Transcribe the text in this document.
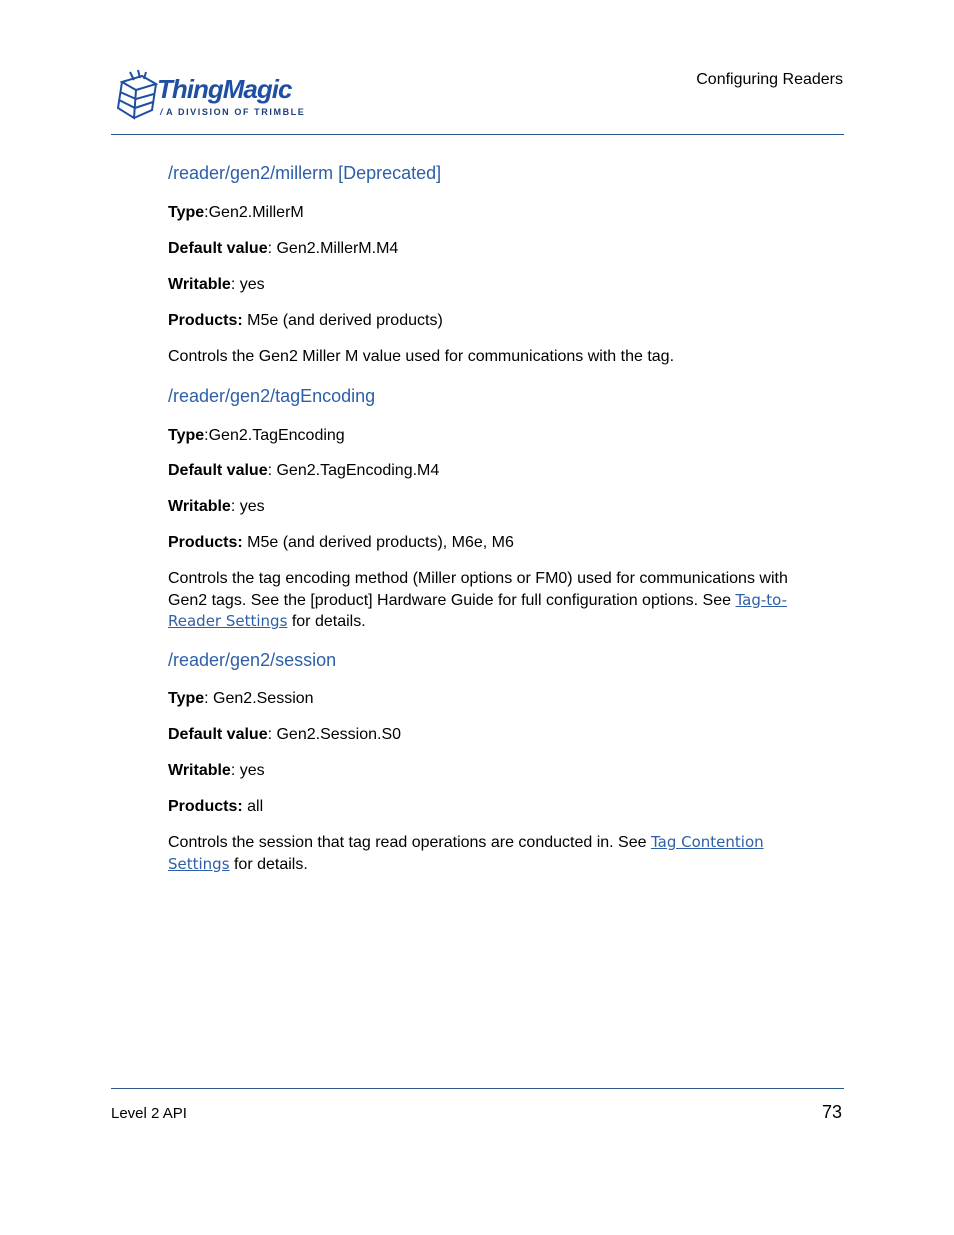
ThingMagic
/ A DIVISION OF TRIMBLE
Configuring Readers
/reader/gen2/millerm [Deprecated]

Type:Gen2.MillerM

Default value: Gen2.MillerM.M4

Writable: yes

Products: M5e (and derived products)

Controls the Gen2 Miller M value used for communications with the tag.

/reader/gen2/tagEncoding

Type:Gen2.TagEncoding

Default value: Gen2.TagEncoding.M4

Writable: yes

Products: M5e (and derived products), M6e, M6

Controls the tag encoding method (Miller options or FM0) used for communications with
Gen2 tags. See the [product] Hardware Guide for full configuration options. See Tag-to-
Reader Settings for details.

/reader/gen2/session

Type: Gen2.Session

Default value: Gen2.Session.S0

Writable: yes

Products: all

Controls the session that tag read operations are conducted in. See Tag Contention
Settings for details.

Level 2 API	73
